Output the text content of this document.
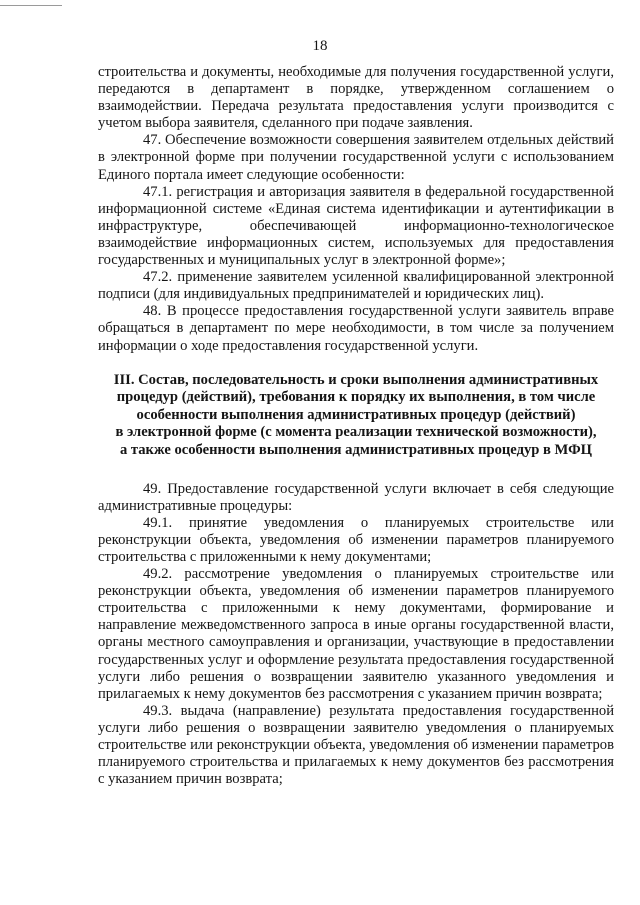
18

строительства и документы, необходимые для получения государственной услуги, передаются в департамент в порядке, утвержденном соглашением о взаимодействии. Передача результата предоставления услуги производится с учетом выбора заявителя, сделанного при подаче заявления.

47. Обеспечение возможности совершения заявителем отдельных действий в электронной форме при получении государственной услуги с использованием Единого портала имеет следующие особенности:

47.1. регистрация и авторизация заявителя в федеральной государственной информационной системе «Единая система идентификации и аутентификации в инфраструктуре, обеспечивающей информационно-технологическое взаимодействие информационных систем, используемых для предоставления государственных и муниципальных услуг в электронной форме»;

47.2. применение заявителем усиленной квалифицированной электронной подписи (для индивидуальных предпринимателей и юридических лиц).

48. В процессе предоставления государственной услуги заявитель вправе обращаться в департамент по мере необходимости, в том числе за получением информации о ходе предоставления государственной услуги.

III. Состав, последовательность и сроки выполнения административных
процедур (действий), требования к порядку их выполнения, в том числе
особенности выполнения административных процедур (действий)
в электронной форме (с момента реализации технической возможности),
а также особенности выполнения административных процедур в МФЦ

49. Предоставление государственной услуги включает в себя следующие административные процедуры:

49.1. принятие уведомления о планируемых строительстве или реконструкции объекта, уведомления об изменении параметров планируемого строительства с приложенными к нему документами;

49.2. рассмотрение уведомления о планируемых строительстве или реконструкции объекта, уведомления об изменении параметров планируемого строительства с приложенными к нему документами, формирование и направление межведомственного запроса в иные органы государственной власти, органы местного самоуправления и организации, участвующие в предоставлении государственных услуг и оформление результата предоставления государственной услуги либо решения о возвращении заявителю указанного уведомления и прилагаемых к нему документов без рассмотрения с указанием причин возврата;

49.3. выдача (направление) результата предоставления государственной услуги либо решения о возвращении заявителю уведомления о планируемых строительстве или реконструкции объекта, уведомления об изменении параметров планируемого строительства и прилагаемых к нему документов без рассмотрения с указанием причин возврата;
